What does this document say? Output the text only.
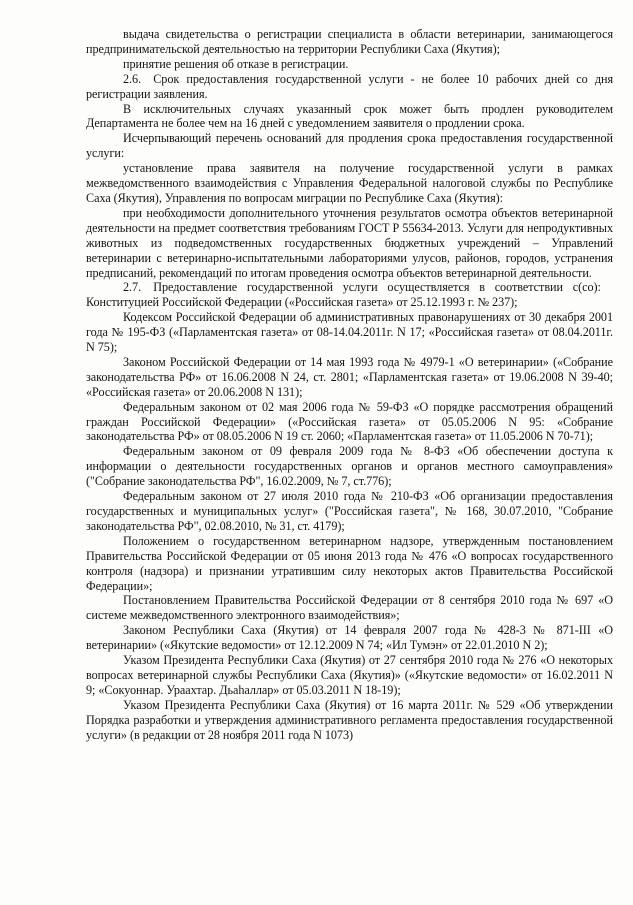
выдача свидетельства о регистрации специалиста в области ветеринарии, занимающегося предпринимательской деятельностью на территории Республики Саха (Якутия);

принятие решения об отказе в регистрации.

2.6. Срок предоставления государственной услуги - не более 10 рабочих дней со дня регистрации заявления.

В исключительных случаях указанный срок может быть продлен руководителем Департамента не более чем на 16 дней с уведомлением заявителя о продлении срока.

Исчерпывающий перечень оснований для продления срока предоставления государственной услуги:

установление права заявителя на получение государственной услуги в рамках межведомственного взаимодействия с Управления Федеральной налоговой службы по Республике Саха (Якутия), Управления по вопросам миграции по Республике Саха (Якутия):

при необходимости дополнительного уточнения результатов осмотра объектов ветеринарной деятельности на предмет соответствия требованиям ГОСТ Р 55634-2013. Услуги для непродуктивных животных из подведомственных государственных бюджетных учреждений – Управлений ветеринарии с ветеринарно-испытательными лабораториями улусов, районов, городов, устранения предписаний, рекомендаций по итогам проведения осмотра объектов ветеринарной деятельности.

2.7. Предоставление государственной услуги осуществляется в соответствии с(со): Конституцией Российской Федерации («Российская газета» от 25.12.1993 г. № 237);

Кодексом Российской Федерации об административных правонарушениях от 30 декабря 2001 года № 195-ФЗ («Парламентская газета» от 08-14.04.2011г. N 17; «Российская газета» от 08.04.2011г. N 75);

Законом Российской Федерации от 14 мая 1993 года № 4979-1 «О ветеринарии» («Собрание законодательства РФ» от 16.06.2008 N 24, ст. 2801; «Парламентская газета» от 19.06.2008 N 39-40; «Российская газета» от 20.06.2008 N 131);

Федеральным законом от 02 мая 2006 года № 59-ФЗ «О порядке рассмотрения обращений граждан Российской Федерации» («Российская газета» от 05.05.2006 N 95: «Собрание законодательства РФ» от 08.05.2006 N 19 ст. 2060; «Парламентская газета» от 11.05.2006 N 70-71);

Федеральным законом от 09 февраля 2009 года № 8-ФЗ «Об обеспечении доступа к информации о деятельности государственных органов и органов местного самоуправления» ("Собрание законодательства РФ", 16.02.2009, № 7, ст.776);

Федеральным законом от 27 июля 2010 года № 210-ФЗ «Об организации предоставления государственных и муниципальных услуг» ("Российская газета", № 168, 30.07.2010, "Собрание законодательства РФ", 02.08.2010, № 31, ст. 4179);

Положением о государственном ветеринарном надзоре, утвержденным постановлением Правительства Российской Федерации от 05 июня 2013 года № 476 «О вопросах государственного контроля (надзора) и признании утратившим силу некоторых актов Правительства Российской Федерации»;

Постановлением Правительства Российской Федерации от 8 сентября 2010 года № 697 «О системе межведомственного электронного взаимодействия»;

Законом Республики Саха (Якутия) от 14 февраля 2007 года № 428-3 № 871-III «О ветеринарии» («Якутские ведомости» от 12.12.2009 N 74; «Ил Тумэн» от 22.01.2010 N 2);

Указом Президента Республики Саха (Якутия) от 27 сентября 2010 года № 276 «О некоторых вопросах ветеринарной службы Республики Саха (Якутия)» («Якутские ведомости» от 16.02.2011 N 9; «Сокуоннар. Ураахтар. Дьаһаллар» от 05.03.2011 N 18-19);

Указом Президента Республики Саха (Якутия) от 16 марта 2011г. № 529 «Об утверждении Порядка разработки и утверждения административного регламента предоставления государственной услуги» (в редакции от 28 ноября 2011 года N 1073)
